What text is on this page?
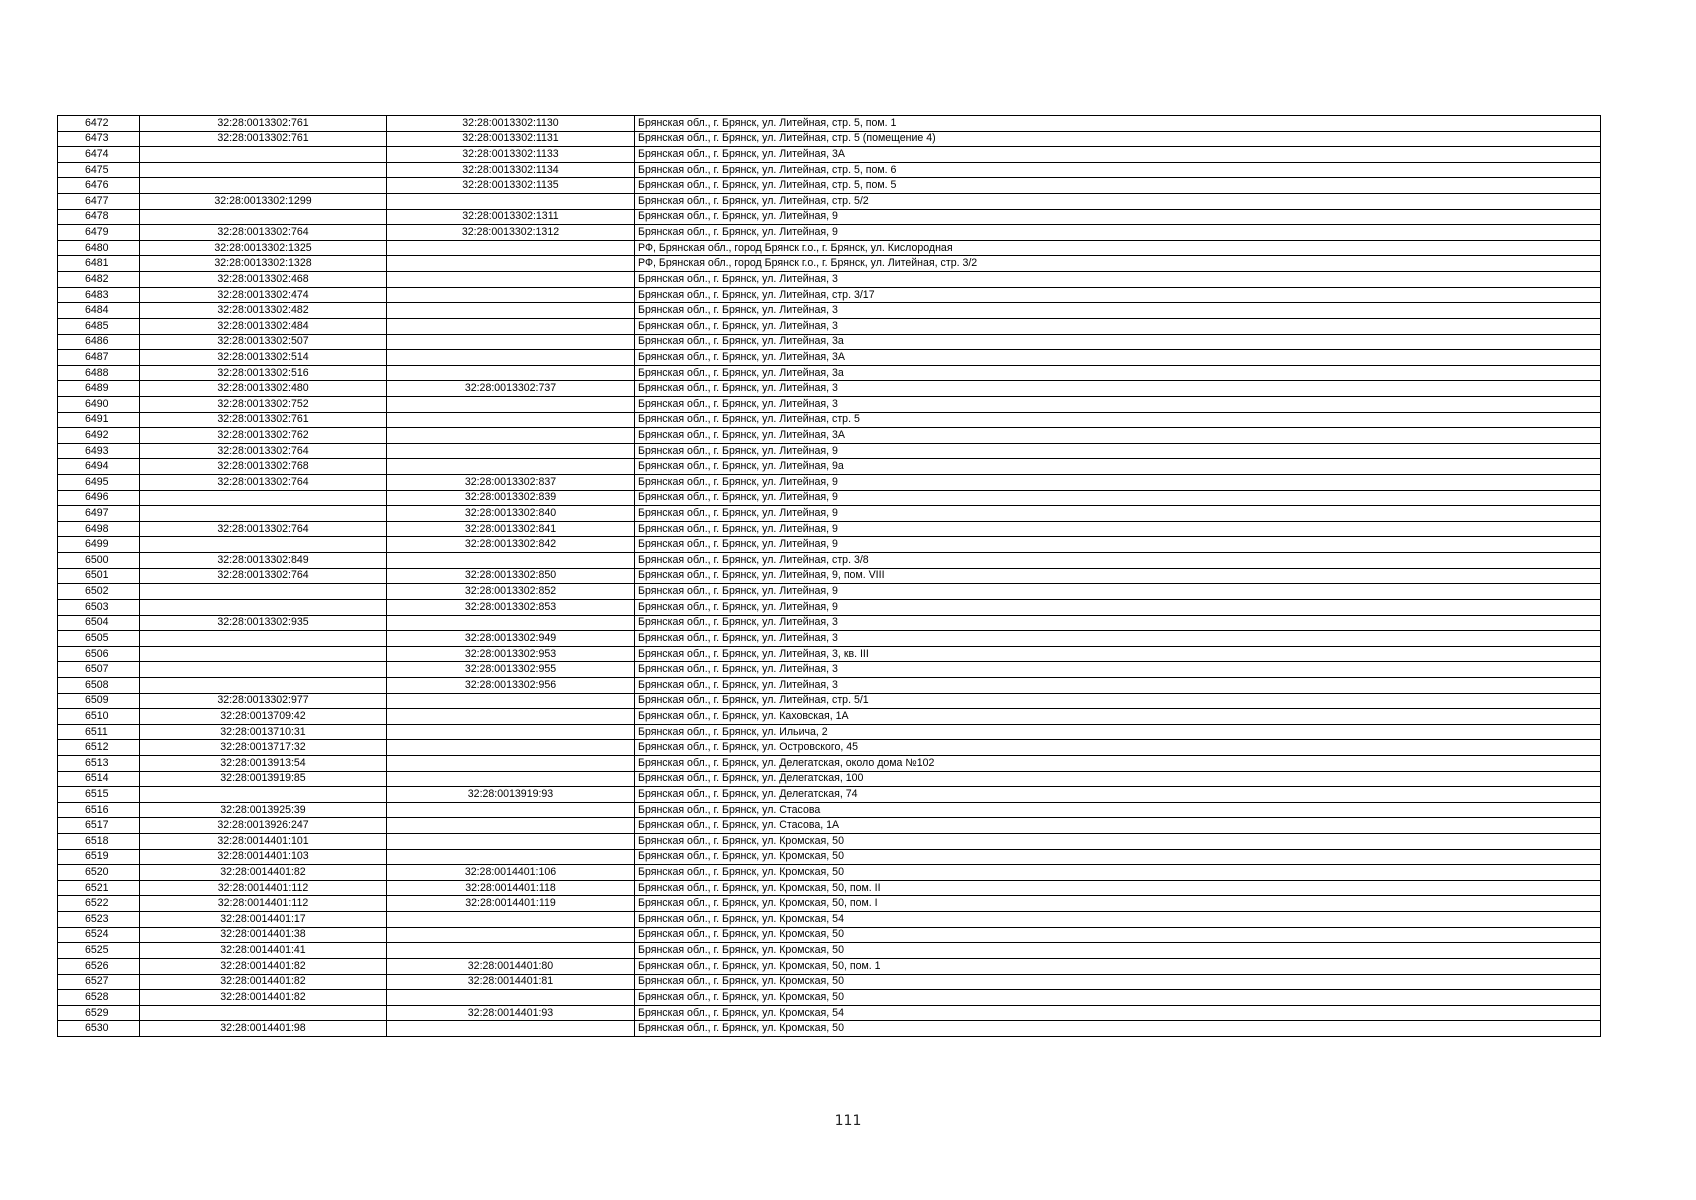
6472	32:28:0013302:761	32:28:0013302:1130	Брянская обл., г. Брянск, ул. Литейная, стр. 5, пом. 1
6473	32:28:0013302:761	32:28:0013302:1131	Брянская обл., г. Брянск, ул. Литейная, стр. 5 (помещение 4)
6474		32:28:0013302:1133	Брянская обл., г. Брянск, ул. Литейная, 3А
6475		32:28:0013302:1134	Брянская обл., г. Брянск, ул. Литейная, стр. 5, пом. 6
6476		32:28:0013302:1135	Брянская обл., г. Брянск, ул. Литейная, стр. 5, пом. 5
6477	32:28:0013302:1299		Брянская обл., г. Брянск, ул. Литейная, стр. 5/2
6478		32:28:0013302:1311	Брянская обл., г. Брянск, ул. Литейная, 9
6479	32:28:0013302:764	32:28:0013302:1312	Брянская обл., г. Брянск, ул. Литейная, 9
6480	32:28:0013302:1325		РФ, Брянская обл., город Брянск г.о., г. Брянск, ул. Кислородная
6481	32:28:0013302:1328		РФ, Брянская обл., город Брянск г.о., г. Брянск, ул. Литейная, стр. 3/2
6482	32:28:0013302:468		Брянская обл., г. Брянск, ул. Литейная, 3
6483	32:28:0013302:474		Брянская обл., г. Брянск, ул. Литейная, стр. 3/17
6484	32:28:0013302:482		Брянская обл., г. Брянск, ул. Литейная, 3
6485	32:28:0013302:484		Брянская обл., г. Брянск, ул. Литейная, 3
6486	32:28:0013302:507		Брянская обл., г. Брянск, ул. Литейная, 3а
6487	32:28:0013302:514		Брянская обл., г. Брянск, ул. Литейная, 3А
6488	32:28:0013302:516		Брянская обл., г. Брянск, ул. Литейная, 3а
6489	32:28:0013302:480	32:28:0013302:737	Брянская обл., г. Брянск, ул. Литейная, 3
6490	32:28:0013302:752		Брянская обл., г. Брянск, ул. Литейная, 3
6491	32:28:0013302:761		Брянская обл., г. Брянск, ул. Литейная, стр. 5
6492	32:28:0013302:762		Брянская обл., г. Брянск, ул. Литейная, 3А
6493	32:28:0013302:764		Брянская обл., г. Брянск, ул. Литейная, 9
6494	32:28:0013302:768		Брянская обл., г. Брянск, ул. Литейная, 9а
6495	32:28:0013302:764	32:28:0013302:837	Брянская обл., г. Брянск, ул. Литейная, 9
6496		32:28:0013302:839	Брянская обл., г. Брянск, ул. Литейная, 9
6497		32:28:0013302:840	Брянская обл., г. Брянск, ул. Литейная, 9
6498	32:28:0013302:764	32:28:0013302:841	Брянская обл., г. Брянск, ул. Литейная, 9
6499		32:28:0013302:842	Брянская обл., г. Брянск, ул. Литейная, 9
6500	32:28:0013302:849		Брянская обл., г. Брянск, ул. Литейная, стр. 3/8
6501	32:28:0013302:764	32:28:0013302:850	Брянская обл., г. Брянск, ул. Литейная, 9, пом. VIII
6502		32:28:0013302:852	Брянская обл., г. Брянск, ул. Литейная, 9
6503		32:28:0013302:853	Брянская обл., г. Брянск, ул. Литейная, 9
6504	32:28:0013302:935		Брянская обл., г. Брянск, ул. Литейная, 3
6505		32:28:0013302:949	Брянская обл., г. Брянск, ул. Литейная, 3
6506		32:28:0013302:953	Брянская обл., г. Брянск, ул. Литейная, 3, кв. III
6507		32:28:0013302:955	Брянская обл., г. Брянск, ул. Литейная, 3
6508		32:28:0013302:956	Брянская обл., г. Брянск, ул. Литейная, 3
6509	32:28:0013302:977		Брянская обл., г. Брянск, ул. Литейная, стр. 5/1
6510	32:28:0013709:42		Брянская обл., г. Брянск, ул. Каховская, 1А
6511	32:28:0013710:31		Брянская обл., г. Брянск, ул. Ильича, 2
6512	32:28:0013717:32		Брянская обл., г. Брянск, ул. Островского, 45
6513	32:28:0013913:54		Брянская обл., г. Брянск, ул. Делегатская, около дома №102
6514	32:28:0013919:85		Брянская обл., г. Брянск, ул. Делегатская, 100
6515		32:28:0013919:93	Брянская обл., г. Брянск, ул. Делегатская, 74
6516	32:28:0013925:39		Брянская обл., г. Брянск, ул. Стасова
6517	32:28:0013926:247		Брянская обл., г. Брянск, ул. Стасова, 1А
6518	32:28:0014401:101		Брянская обл., г. Брянск, ул. Кромская, 50
6519	32:28:0014401:103		Брянская обл., г. Брянск, ул. Кромская, 50
6520	32:28:0014401:82	32:28:0014401:106	Брянская обл., г. Брянск, ул. Кромская, 50
6521	32:28:0014401:112	32:28:0014401:118	Брянская обл., г. Брянск, ул. Кромская, 50, пом. II
6522	32:28:0014401:112	32:28:0014401:119	Брянская обл., г. Брянск, ул. Кромская, 50, пом. I
6523	32:28:0014401:17		Брянская обл., г. Брянск, ул. Кромская, 54
6524	32:28:0014401:38		Брянская обл., г. Брянск, ул. Кромская, 50
6525	32:28:0014401:41		Брянская обл., г. Брянск, ул. Кромская, 50
6526	32:28:0014401:82	32:28:0014401:80	Брянская обл., г. Брянск, ул. Кромская, 50, пом. 1
6527	32:28:0014401:82	32:28:0014401:81	Брянская обл., г. Брянск, ул. Кромская, 50
6528	32:28:0014401:82		Брянская обл., г. Брянск, ул. Кромская, 50
6529		32:28:0014401:93	Брянская обл., г. Брянск, ул. Кромская, 54
6530	32:28:0014401:98		Брянская обл., г. Брянск, ул. Кромская, 50
111
